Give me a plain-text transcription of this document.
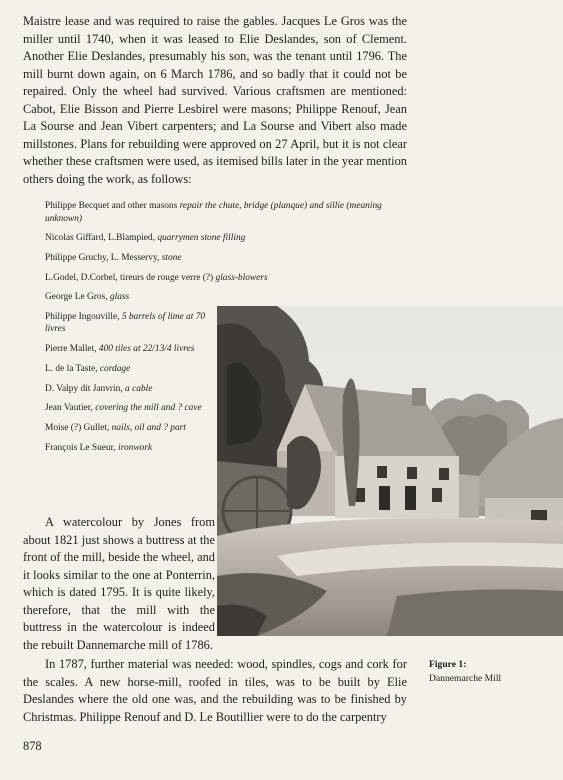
Maistre lease and was required to raise the gables. Jacques Le Gros was the miller until 1740, when it was leased to Elie Deslandes, son of Clement. Another Elie Deslandes, presumably his son, was the tenant until 1796. The mill burnt down again, on 6 March 1786, and so badly that it could not be repaired. Only the wheel had survived. Various craftsmen are mentioned: Cabot, Elie Bisson and Pierre Lesbirel were masons; Philippe Renouf, Jean La Sourse and Jean Vibert carpenters; and La Sourse and Vibert also made millstones. Plans for rebuilding were approved on 27 April, but it is not clear whether these craftsmen were used, as itemised bills later in the year mention others doing the work, as follows:

Philippe Becquet and other masons repair the chute, bridge (planque) and sillie (meaning unknown)
Nicolas Giffard, L.Blampied, quarrymen stone filling
Philippe Gruchy, L. Messervy, stone
L.Godel, D.Corbel, tireurs de rouge verre (?) glass-blowers
George Le Gros, glass
Philippe Ingouville, 5 barrels of lime at 70 livres
Pierre Mallet, 400 tiles at 22/13/4 livres
L. de la Taste, cordage
D. Valpy dit Janvrin, a cable
Jean Vautier, covering the mill and ? cave
Moise (?) Gullet, nails, oil and ? part
François Le Sueur, ironwork

A watercolour by Jones from about 1821 just shows a buttress at the front of the mill, beside the wheel, and it looks similar to the one at Ponterrin, which is dated 1795. It is quite likely, therefore, that the mill with the buttress in the watercolour is indeed the rebuilt Dannemarche mill of 1786.

In 1787, further material was needed: wood, spindles, cogs and cork for the scales. A new horse-mill, roofed in tiles, was to be built by Elie Deslandes where the old one was, and the rebuilding was to be finished by Christmas. Philippe Renouf and D. Le Boutillier were to do the carpentry

Figure 1:
Dannemarche Mill
878
